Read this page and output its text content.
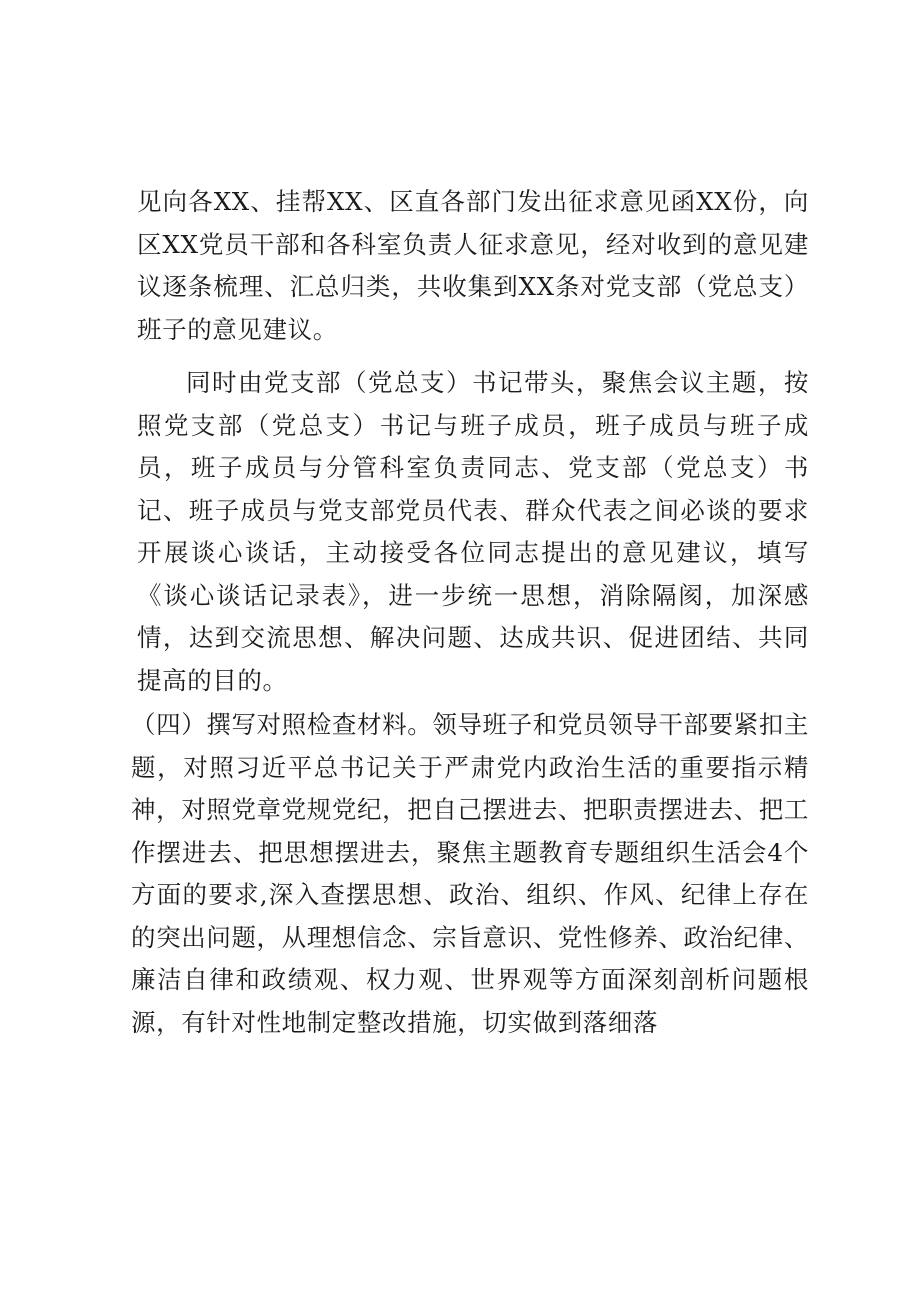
见向各XX、挂帮XX、区直各部门发出征求意见函XX份，向区XX党员干部和各科室负责人征求意见，经对收到的意见建议逐条梳理、汇总归类，共收集到XX条对党支部（党总支）班子的意见建议。

同时由党支部（党总支）书记带头，聚焦会议主题，按照党支部（党总支）书记与班子成员，班子成员与班子成员，班子成员与分管科室负责同志、党支部（党总支）书记、班子成员与党支部党员代表、群众代表之间必谈的要求开展谈心谈话，主动接受各位同志提出的意见建议，填写《谈心谈话记录表》，进一步统一思想，消除隔阂，加深感情，达到交流思想、解决问题、达成共识、促进团结、共同提高的目的。

（四）撰写对照检查材料。领导班子和党员领导干部要紧扣主题，对照习近平总书记关于严肃党内政治生活的重要指示精神，对照党章党规党纪，把自己摆进去、把职责摆进去、把工作摆进去、把思想摆进去，聚焦主题教育专题组织生活会4个方面的要求,深入查摆思想、政治、组织、作风、纪律上存在的突出问题，从理想信念、宗旨意识、党性修养、政治纪律、廉洁自律和政绩观、权力观、世界观等方面深刻剖析问题根源，有针对性地制定整改措施，切实做到落细落
